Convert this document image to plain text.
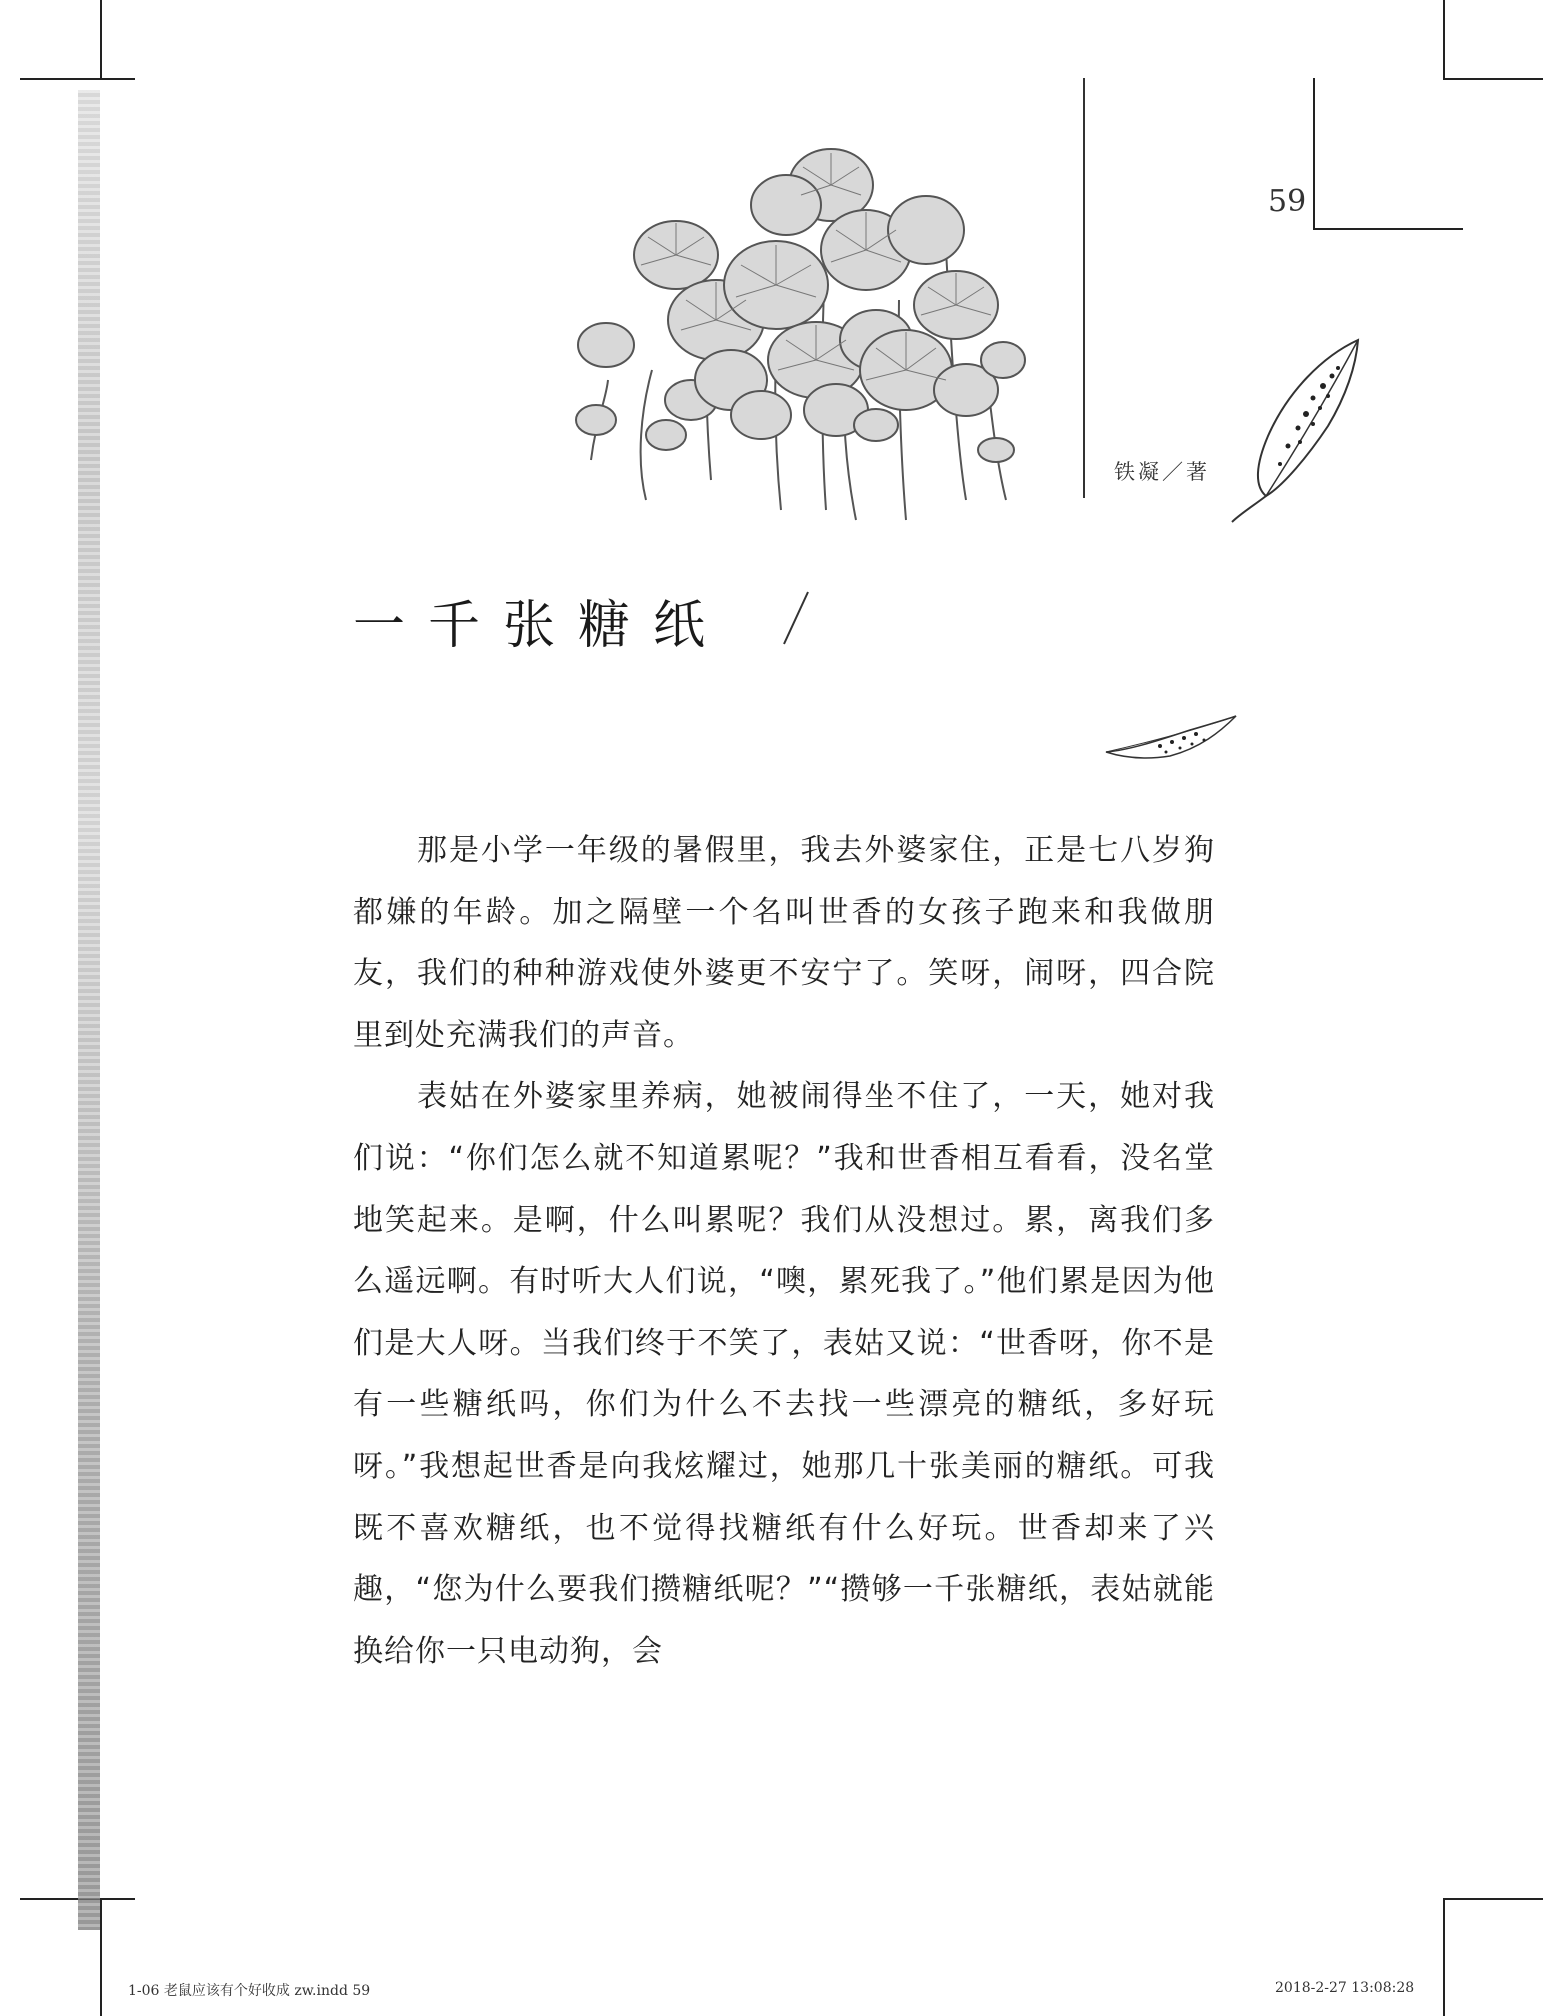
59
铁凝／著
一千张糖纸

那是小学一年级的暑假里，我去外婆家住，正是七八岁狗都嫌的年龄。加之隔壁一个名叫世香的女孩子跑来和我做朋友，我们的种种游戏使外婆更不安宁了。笑呀，闹呀，四合院里到处充满我们的声音。

表姑在外婆家里养病，她被闹得坐不住了，一天，她对我们说：“你们怎么就不知道累呢？”我和世香相互看看，没名堂地笑起来。是啊，什么叫累呢？我们从没想过。累，离我们多么遥远啊。有时听大人们说，“噢，累死我了。”他们累是因为他们是大人呀。当我们终于不笑了，表姑又说：“世香呀，你不是有一些糖纸吗，你们为什么不去找一些漂亮的糖纸，多好玩呀。”我想起世香是向我炫耀过，她那几十张美丽的糖纸。可我既不喜欢糖纸，也不觉得找糖纸有什么好玩。世香却来了兴趣，“您为什么要我们攒糖纸呢？”“攒够一千张糖纸，表姑就能换给你一只电动狗，会

1-06 老鼠应该有个好收成 zw.indd 59	2018-2-27 13:08:28
